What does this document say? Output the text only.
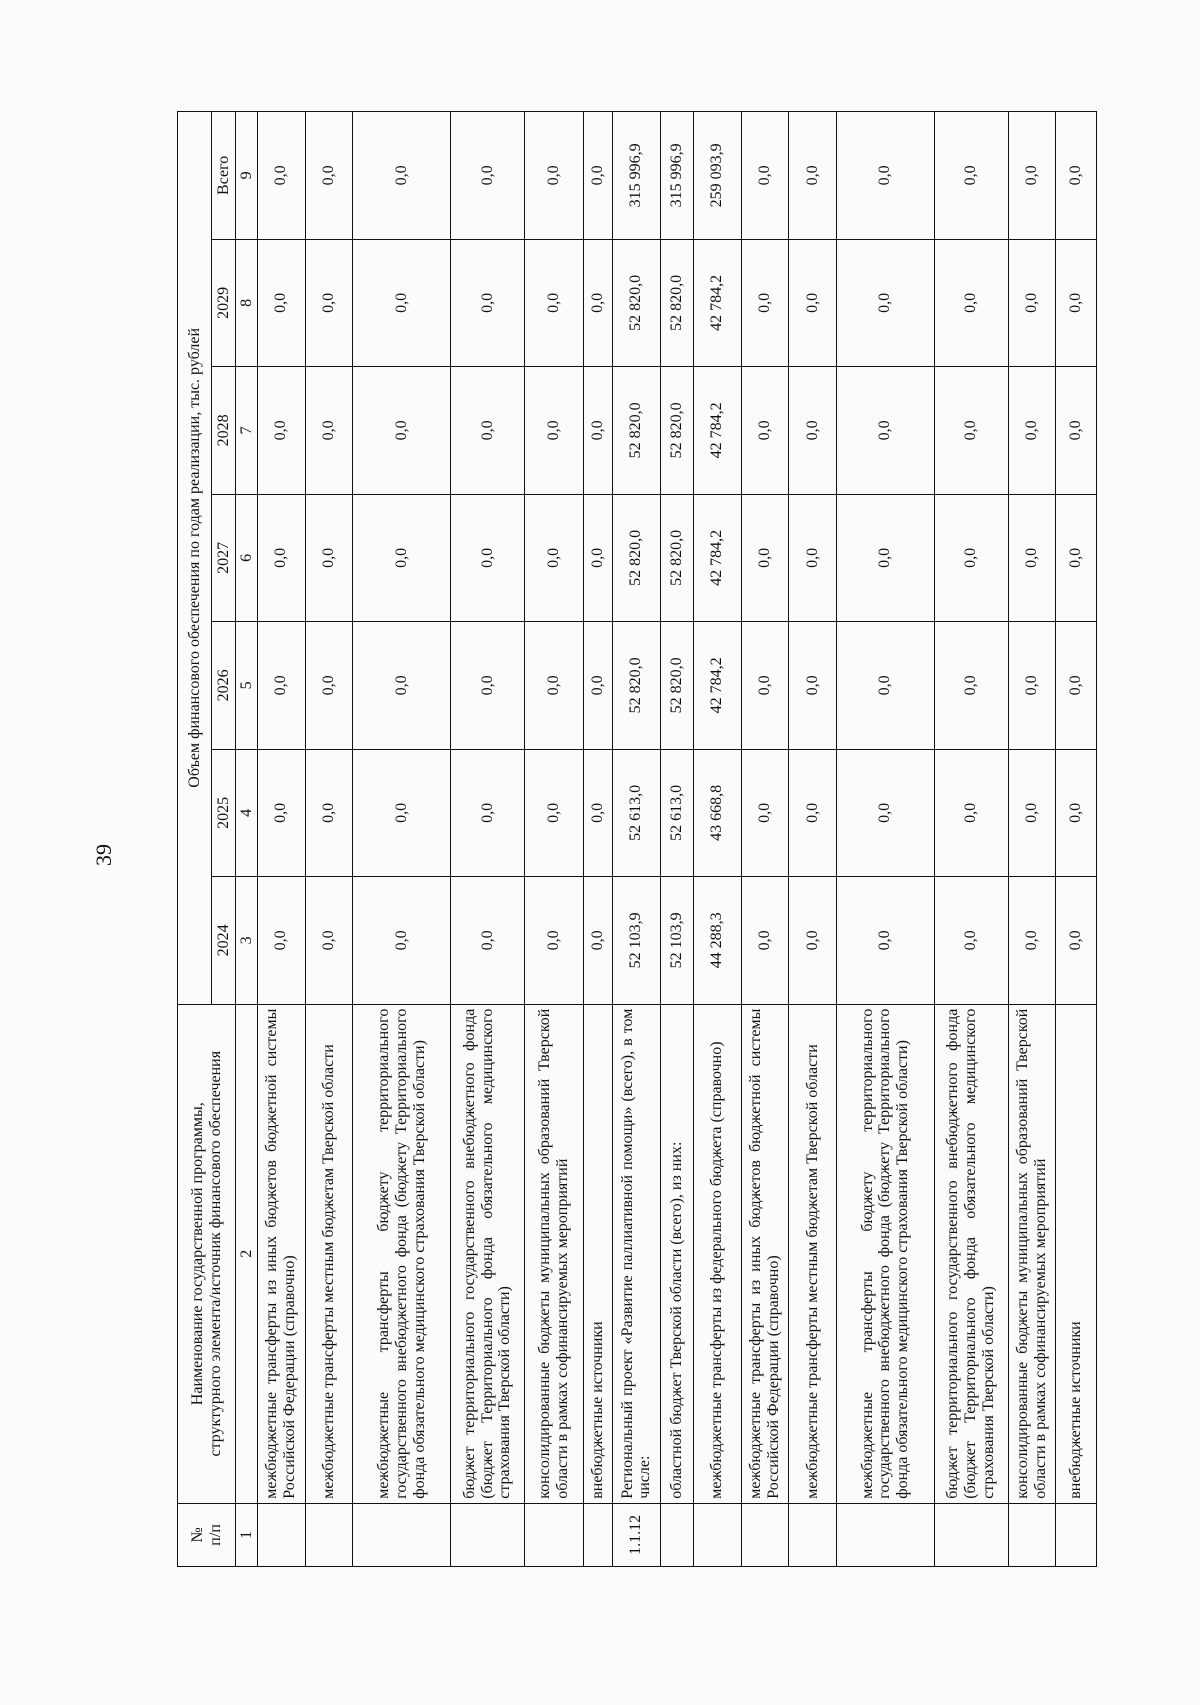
39
№
п/п	Наименование государственной программы,
структурного элемента/источник финансового обеспечения	Объем финансового обеспечения по годам реализации, тыс. рублей						
		2024	2025	2026	2027	2028	2029	Всего
1	2	3	4	5	6	7	8	9
	межбюджетные трансферты из иных бюджетов бюджетной системы Российской Федерации (справочно)	0,0	0,0	0,0	0,0	0,0	0,0	0,0
	межбюджетные трансферты местным бюджетам Тверской области	0,0	0,0	0,0	0,0	0,0	0,0	0,0
	межбюджетные трансферты бюджету территориального государственного внебюджетного фонда (бюджету Территориального фонда обязательного медицинского страхования Тверской области)	0,0	0,0	0,0	0,0	0,0	0,0	0,0
	бюджет территориального государственного внебюджетного фонда (бюджет Территориального фонда обязательного медицинского страхования Тверской области)	0,0	0,0	0,0	0,0	0,0	0,0	0,0
	консолидированные бюджеты муниципальных образований Тверской области в рамках софинансируемых мероприятий	0,0	0,0	0,0	0,0	0,0	0,0	0,0
	внебюджетные источники	0,0	0,0	0,0	0,0	0,0	0,0	0,0
1.1.12	Региональный проект «Развитие паллиативной помощи» (всего), в том числе:	52 103,9	52 613,0	52 820,0	52 820,0	52 820,0	52 820,0	315 996,9
	областной бюджет Тверской области (всего), из них:	52 103,9	52 613,0	52 820,0	52 820,0	52 820,0	52 820,0	315 996,9
	межбюджетные трансферты из федерального бюджета (справочно)	44 288,3	43 668,8	42 784,2	42 784,2	42 784,2	42 784,2	259 093,9
	межбюджетные трансферты из иных бюджетов бюджетной системы Российской Федерации (справочно)	0,0	0,0	0,0	0,0	0,0	0,0	0,0
	межбюджетные трансферты местным бюджетам Тверской области	0,0	0,0	0,0	0,0	0,0	0,0	0,0
	межбюджетные трансферты бюджету территориального государственного внебюджетного фонда (бюджету Территориального фонда обязательного медицинского страхования Тверской области)	0,0	0,0	0,0	0,0	0,0	0,0	0,0
	бюджет территориального государственного внебюджетного фонда (бюджет Территориального фонда обязательного медицинского страхования Тверской области)	0,0	0,0	0,0	0,0	0,0	0,0	0,0
	консолидированные бюджеты муниципальных образований Тверской области в рамках софинансируемых мероприятий	0,0	0,0	0,0	0,0	0,0	0,0	0,0
	внебюджетные источники	0,0	0,0	0,0	0,0	0,0	0,0	0,0
